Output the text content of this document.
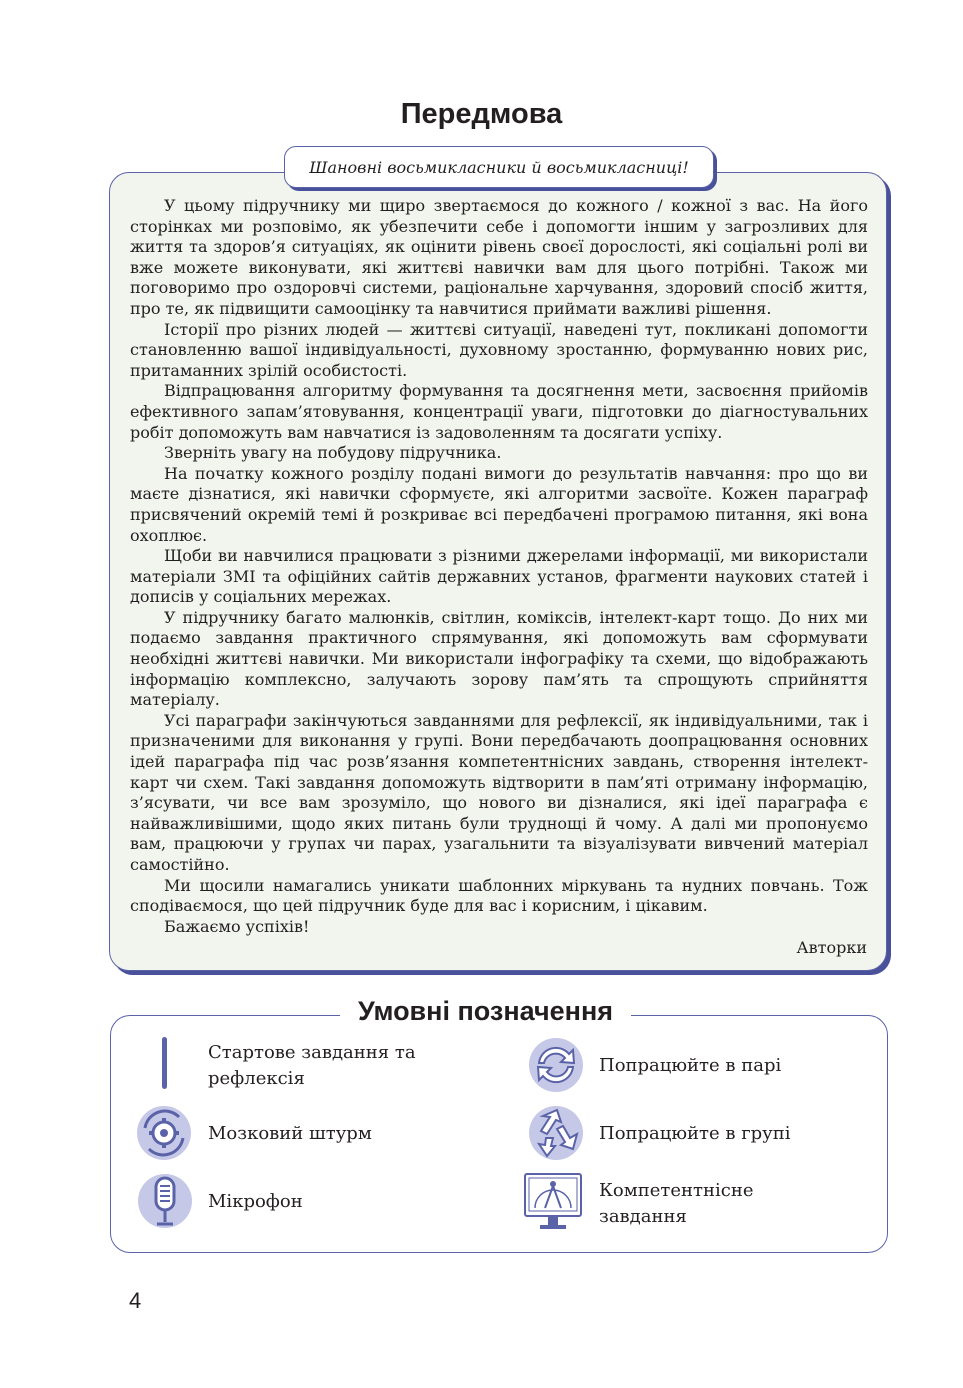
Передмова
Шановні восьмикласники й восьмикласниці!

У цьому підручнику ми щиро звертаємося до кожного / кожної з вас. На його сторінках ми розповімо, як убезпечити себе і допомогти іншим у загрозливих для життя та здоров’я ситуаціях, як оцінити рівень своєї дорослості, які соціальні ролі ви вже можете виконувати, які життєві навички вам для цього потрібні. Також ми поговоримо про оздоровчі системи, раціональне харчування, здоровий спосіб життя, про те, як підвищити самооцінку та навчитися приймати важливі рішення.

Історії про різних людей — життєві ситуації, наведені тут, покликані допомогти становленню вашої індивідуальності, духовному зростанню, формуванню нових рис, притаманних зрілій особистості.

Відпрацювання алгоритму формування та досягнення мети, засвоєння прийомів ефективного запам’ятовування, концентрації уваги, підготовки до діагностувальних робіт допоможуть вам навчатися із задоволенням та досягати успіху.

Зверніть увагу на побудову підручника.

На початку кожного розділу подані вимоги до результатів навчання: про що ви маєте дізнатися, які навички сформуєте, які алгоритми засвоїте. Кожен параграф присвячений окремій темі й розкриває всі передбачені програмою питання, які вона охоплює.

Щоби ви навчилися працювати з різними джерелами інформації, ми використали матеріали ЗМІ та офіційних сайтів державних установ, фрагменти наукових статей і дописів у соціальних мережах.

У підручнику багато малюнків, світлин, коміксів, інтелект-карт тощо. До них ми подаємо завдання практичного спрямування, які допоможуть вам сформувати необхідні життєві навички. Ми використали інфографіку та схеми, що відображають інформацію комплексно, залучають зорову пам’ять та спрощують сприйняття матеріалу.

Усі параграфи закінчуються завданнями для рефлексії, як індивідуальними, так і призначеними для виконання у групі. Вони передбачають доопрацювання основних ідей параграфа під час розв’язання компетентнісних завдань, створення інтелект-карт чи схем. Такі завдання допоможуть відтворити в пам’яті отриману інформацію, з’ясувати, чи все вам зрозуміло, що нового ви дізналися, які ідеї параграфа є найважливішими, щодо яких питань були труднощі й чому. А далі ми пропонуємо вам, працюючи у групах чи парах, узагальнити та візуалізувати вивчений матеріал самостійно.

Ми щосили намагались уникати шаблонних міркувань та нудних повчань. Тож сподіваємося, що цей підручник буде для вас і корисним, і цікавим.

Бажаємо успіхів!

Авторки
Умовні позначення
Стартове завдання та рефлексія
Мозковий штурм
Мікрофон
Попрацюйте в парі
Попрацюйте в групі
Компетентнісне завдання
4
